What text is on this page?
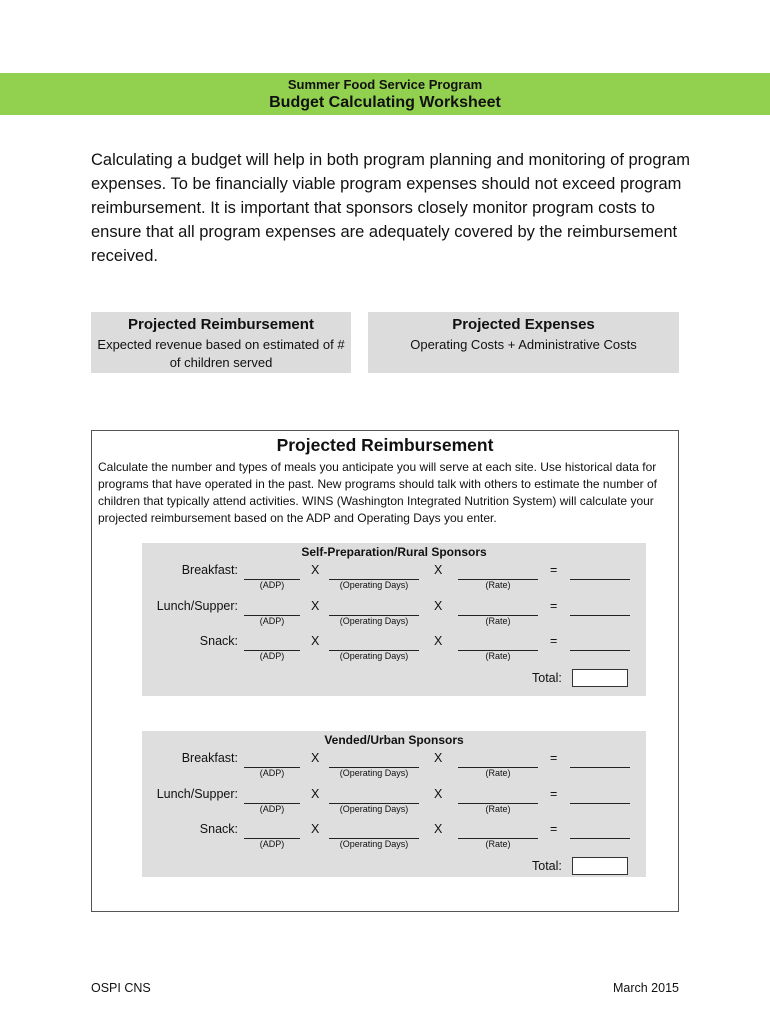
Summer Food Service Program
Budget Calculating Worksheet

Calculating a budget will help in both program planning and monitoring of program expenses. To be financially viable program expenses should not exceed program reimbursement. It is important that sponsors closely monitor program costs to ensure that all program expenses are adequately covered by the reimbursement received.

Projected Reimbursement
Expected revenue based on estimated of # of children served
Projected Expenses
Operating Costs + Administrative Costs
Projected Reimbursement

Calculate the number and types of meals you anticipate you will serve at each site. Use historical data for programs that have operated in the past. New programs should talk with others to estimate the number of children that typically attend activities. WINS (Washington Integrated Nutrition System) will calculate your projected reimbursement based on the ADP and Operating Days you enter.

Self-Preparation/Rural Sponsors
Breakfast:	X	X	=
(ADP)	(Operating Days)	(Rate)
Lunch/Supper:	X	X	=
(ADP)	(Operating Days)	(Rate)
Snack:	X	X	=
(ADP)	(Operating Days)	(Rate)
Total:
Vended/Urban Sponsors
Breakfast:	X	X	=
(ADP)	(Operating Days)	(Rate)
Lunch/Supper:	X	X	=
(ADP)	(Operating Days)	(Rate)
Snack:	X	X	=
(ADP)	(Operating Days)	(Rate)
Total:
OSPI CNS	March 2015
